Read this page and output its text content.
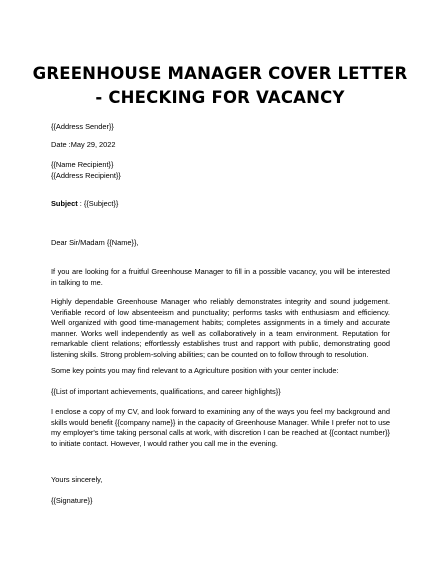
GREENHOUSE MANAGER COVER LETTER - CHECKING FOR VACANCY
{{Address Sender}}
Date :May 29, 2022
{{Name Recipient}}
{{Address Recipient}}
Subject : {{Subject}}
Dear Sir/Madam {{Name}},
If you are looking for a fruitful Greenhouse Manager to fill in a possible vacancy, you will be interested in talking to me.
Highly dependable Greenhouse Manager who reliably demonstrates integrity and sound judgement. Verifiable record of low absenteeism and punctuality; performs tasks with enthusiasm and efficiency. Well organized with good time-management habits; completes assignments in a timely and accurate manner. Works well independently as well as collaboratively in a team environment. Reputation for remarkable client relations; effortlessly establishes trust and rapport with public, demonstrating good listening skills. Strong problem-solving abilities; can be counted on to follow through to resolution.
Some key points you may find relevant to a Agriculture position with your center include:
{{List of important achievements, qualifications, and career highlights}}
I enclose a copy of my CV, and look forward to examining any of the ways you feel my background and skills would benefit {{company name}} in the capacity of Greenhouse Manager. While I prefer not to use my employer's time taking personal calls at work, with discretion I can be reached at {{contact number}} to initiate contact. However, I would rather you call me in the evening.
Yours sincerely,
{{Signature}}
